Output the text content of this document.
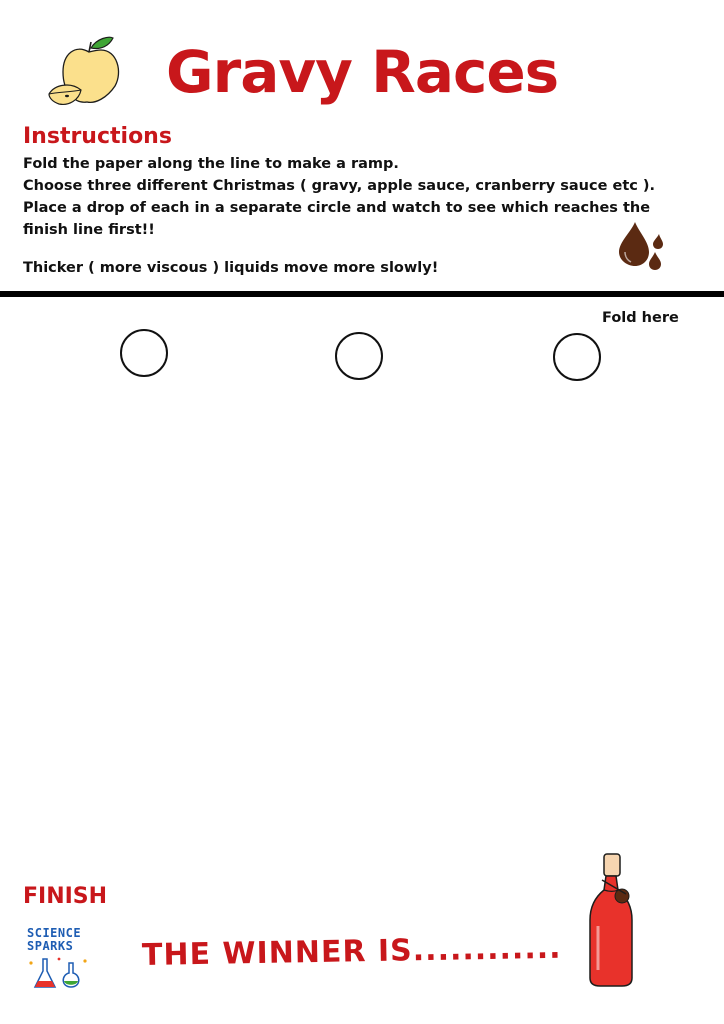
Gravy Races
Instructions
Fold the paper along the line to make a ramp.
Choose three different Christmas ( gravy, apple sauce, cranberry sauce etc ).
Place a drop of each in a separate circle and watch to see which reaches the
finish line first!!
Thicker ( more viscous ) liquids move more slowly!
Fold here
FINISH
SCIENCE
SPARKS	THE WINNER IS............
